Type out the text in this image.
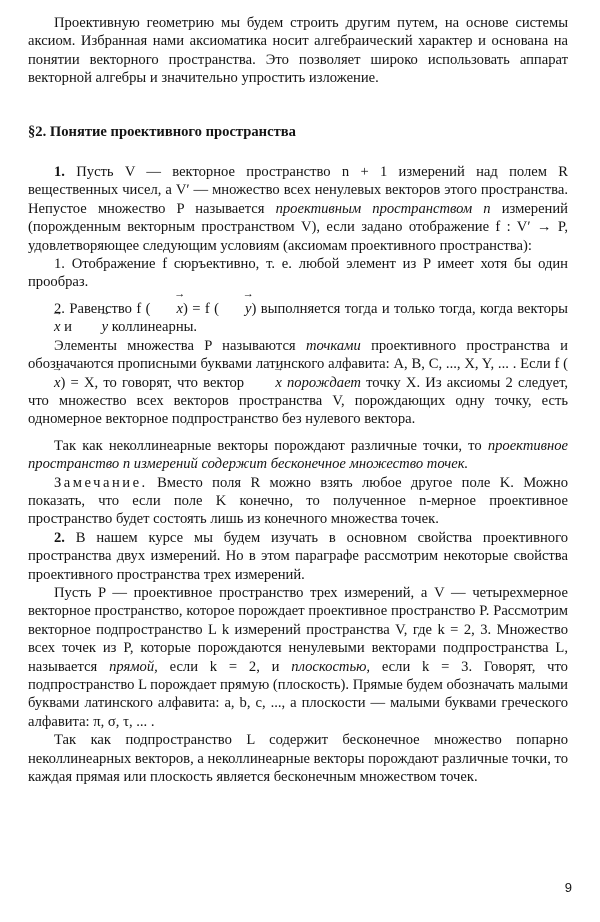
Проективную геометрию мы будем строить другим путем, на основе системы аксиом. Избранная нами аксиоматика носит алгебраический характер и основана на понятии векторного пространства. Это позволяет широко использовать аппарат векторной алгебры и значительно упростить изложение.

§2. Понятие проективного пространства

1. Пусть V — векторное пространство n + 1 измерений над полем R вещественных чисел, а V′ — множество всех ненулевых векторов этого пространства. Непустое множество P называется проективным пространством n измерений (порожденным векторным пространством V), если задано отображение f : V′ → P, удовлетворяющее следующим условиям (аксиомам проективного пространства):

1. Отображение f сюръективно, т. е. любой элемент из P имеет хотя бы один прообраз.

2. Равенство f ( → x) = f ( → y) выполняется тогда и только тогда, когда векторы → x и → y коллинеарны.

Элементы множества P называются точками проективного пространства и обозначаются прописными буквами латинского алфавита: A, B, C, ..., X, Y, ... . Если f (→ x) = X, то говорят, что вектор → x порождает точку X. Из аксиомы 2 следует, что множество всех векторов пространства V, порождающих одну точку, есть одномерное векторное подпространство без нулевого вектора.

Так как неколлинеарные векторы порождают различные точки, то проективное пространство n измерений содержит бесконечное множество точек.

Замечание. Вместо поля R можно взять любое другое поле K. Можно показать, что если поле K конечно, то полученное n-мерное проективное пространство будет состоять лишь из конечного множества точек.

2. В нашем курсе мы будем изучать в основном свойства проективного пространства двух измерений. Но в этом параграфе рассмотрим некоторые свойства проективного пространства трех измерений.

Пусть P — проективное пространство трех измерений, а V — четырехмерное векторное пространство, которое порождает проективное пространство P. Рассмотрим векторное подпространство L k измерений пространства V, где k = 2, 3. Множество всех точек из P, которые порождаются ненулевыми векторами подпространства L, называется прямой, если k = 2, и плоскостью, если k = 3. Говорят, что подпространство L порождает прямую (плоскость). Прямые будем обозначать малыми буквами латинского алфавита: a, b, c, ..., а плоскости — малыми буквами греческого алфавита: π, σ, τ, ... .

Так как подпространство L содержит бесконечное множество попарно неколлинеарных векторов, а неколлинеарные векторы порождают различные точки, то каждая прямая или плоскость является бесконечным множеством точек.

9
